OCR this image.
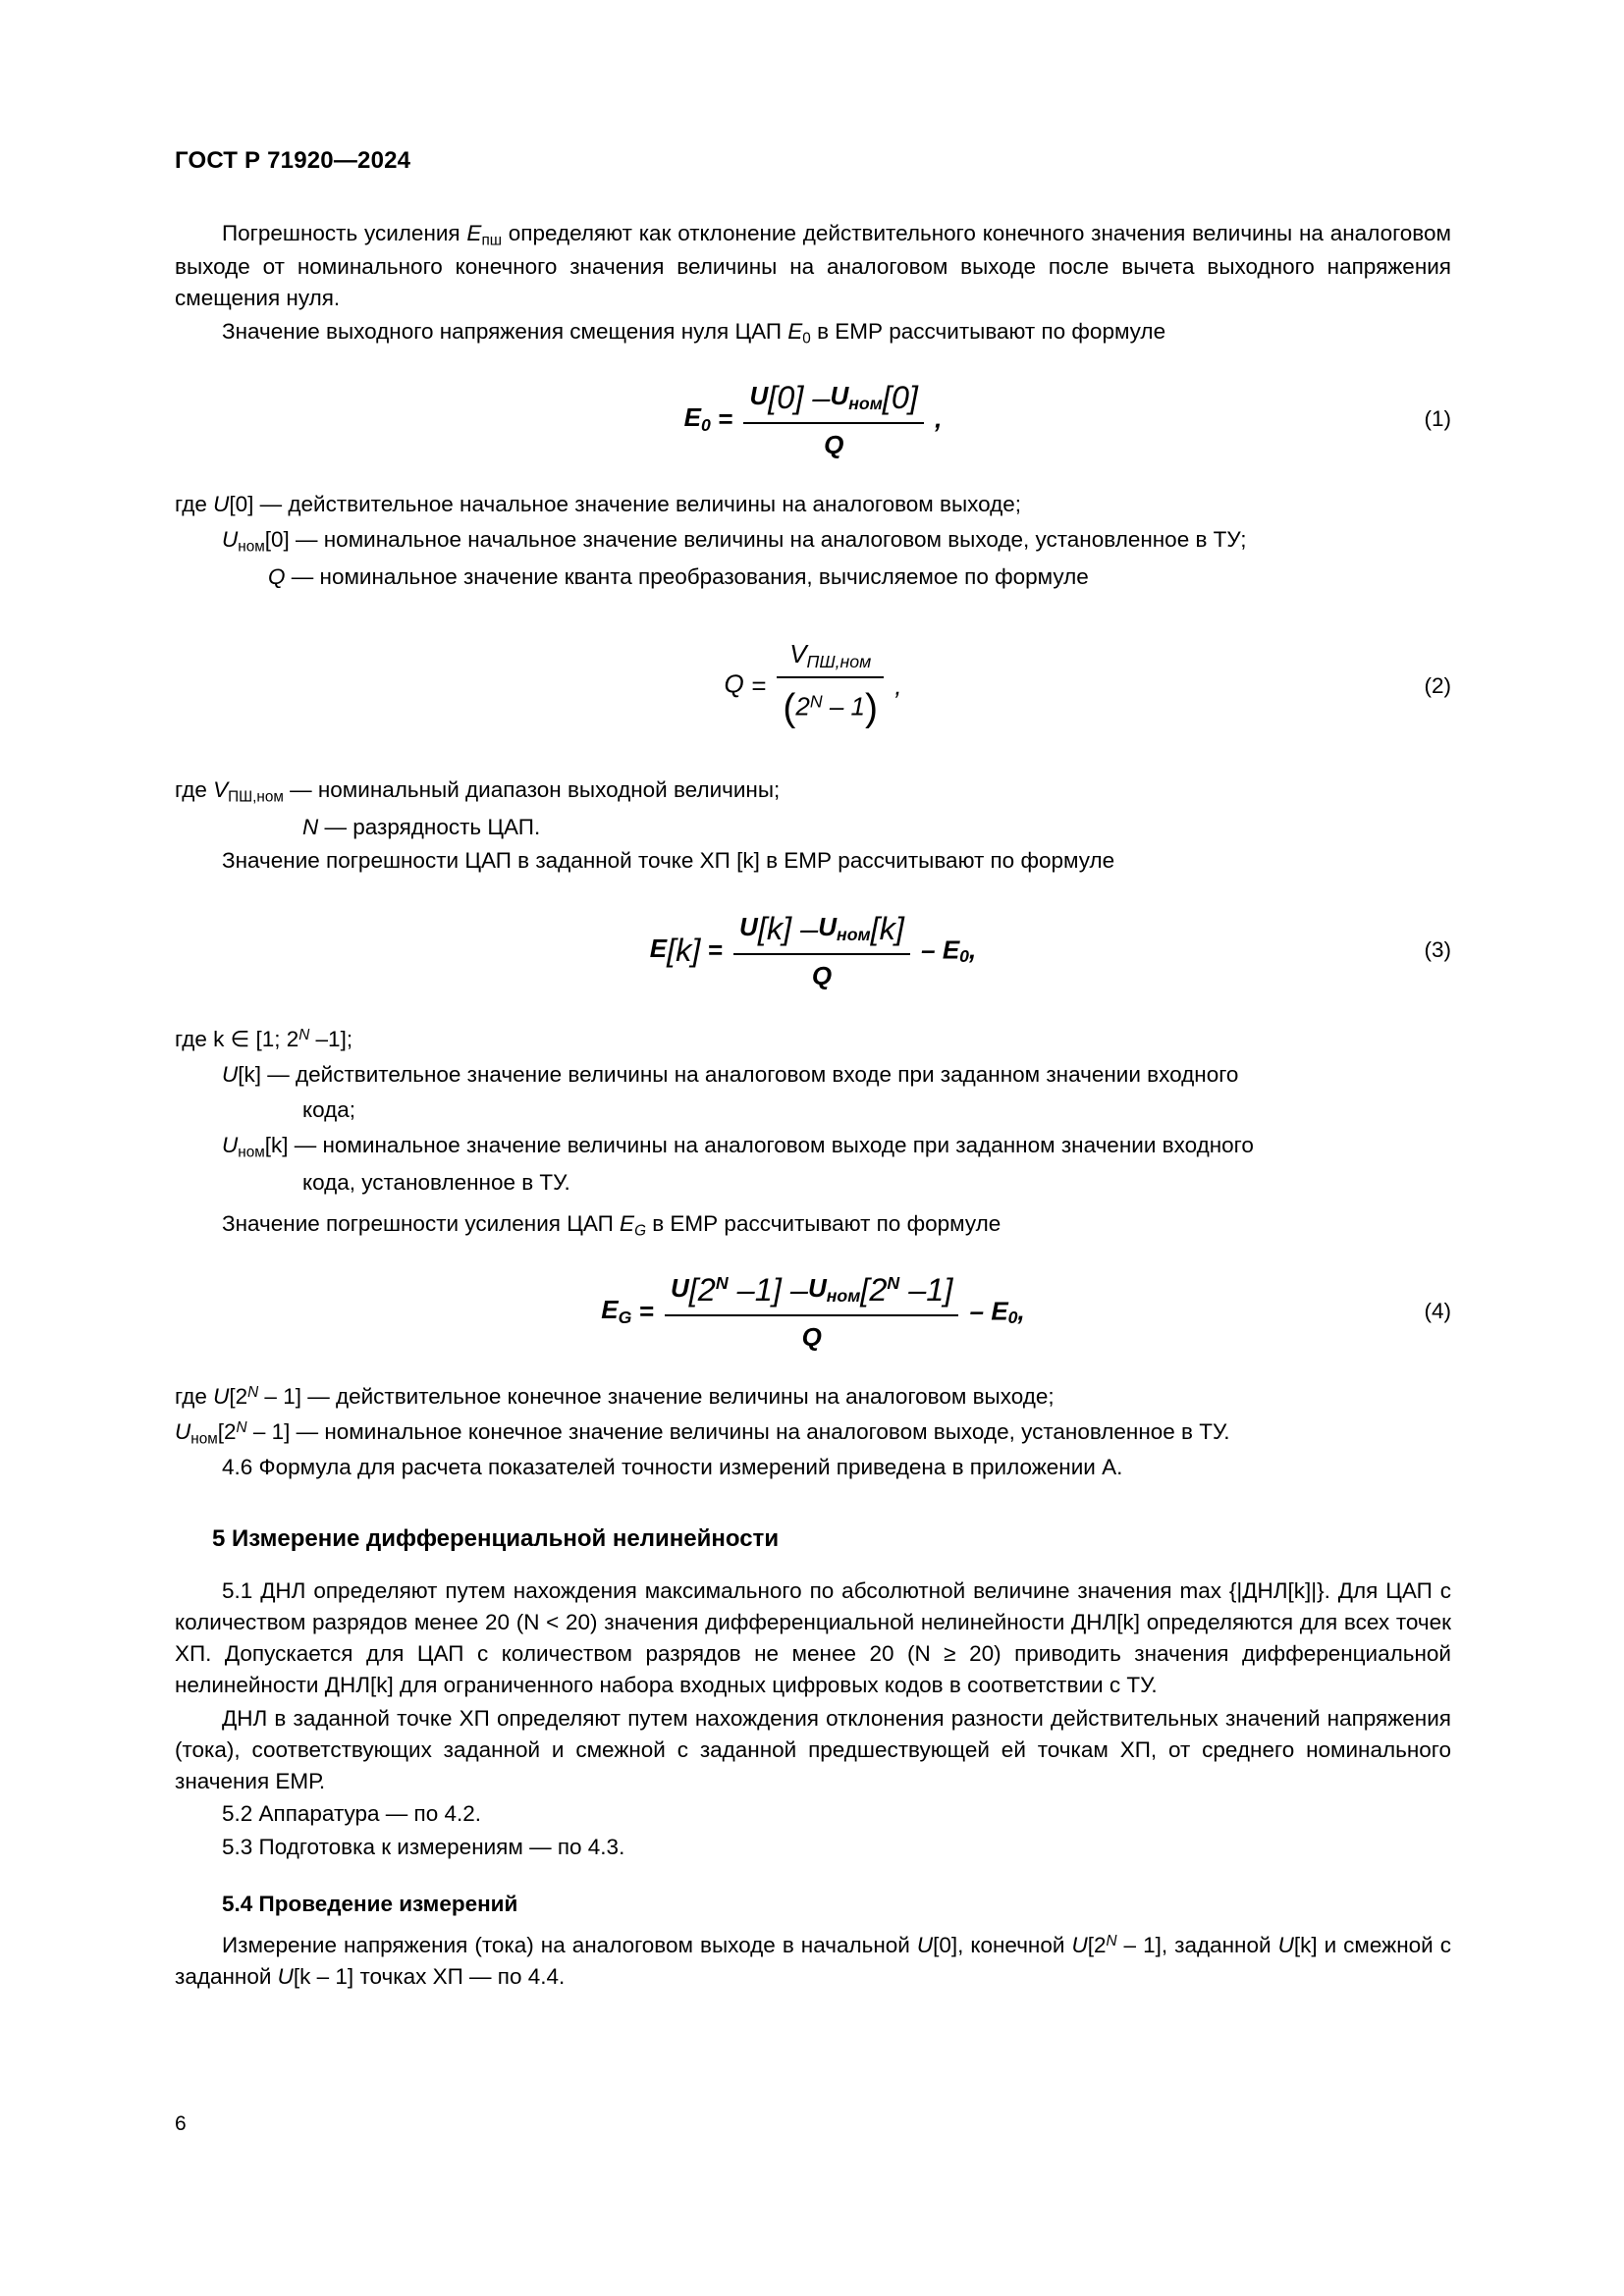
ГОСТ Р 71920—2024

Погрешность усиления $E_{пш}$ определяют как отклонение действительного конечного значения величины на аналоговом выходе от номинального конечного значения величины на аналоговом выходе после вычета выходного напряжения смещения нуля.

Значение выходного напряжения смещения нуля ЦАП $E_0$ в ЕМР рассчитывают по формуле

$E_0 = \frac{U[0] -U_{ном}[0]}{Q}$ ,	(1)

где U[0] — действительное начальное значение величины на аналоговом выходе;

$U_{ном}[0]$ — номинальное начальное значение величины на аналоговом выходе, установленное в ТУ;

Q — номинальное значение кванта преобразования, вычисляемое по формуле

$Q = \frac{V_{ПШ,ном}}{(2^N - 1)}$ ,	(2)

где $V_{ПШ,ном}$ — номинальный диапазон выходной величины;

N — разрядность ЦАП.

Значение погрешности ЦАП в заданной точке ХП [k] в ЕМР рассчитывают по формуле

$E[k] = \frac{U[k] -U_{ном}[k]}{Q} - E_0$,	(3)

где k ∈ [1; $2^N$ –1];

U[k] — действительное значение величины на аналоговом входе при заданном значении входного

кода;

$U_{ном}[k]$ — номинальное значение величины на аналоговом выходе при заданном значении входного

кода, установленное в ТУ.

Значение погрешности усиления ЦАП $E_G$ в ЕМР рассчитывают по формуле

$E_G = \frac{U[2^N -1] -U_{ном}[2^N -1]}{Q} - E_0$,	(4)

где $U[2^N - 1]$ — действительное конечное значение величины на аналоговом выходе;

$U_{ном}[2^N - 1]$ — номинальное конечное значение величины на аналоговом выходе, установленное в ТУ.

4.6 Формула для расчета показателей точности измерений приведена в приложении А.

5 Измерение дифференциальной нелинейности

5.1 ДНЛ определяют путем нахождения максимального по абсолютной величине значения max {|ДНЛ[k]|}. Для ЦАП с количеством разрядов менее 20 (N < 20) значения дифференциальной нелинейности ДНЛ[k] определяются для всех точек ХП. Допускается для ЦАП с количеством разрядов не менее 20 (N ≥ 20) приводить значения дифференциальной нелинейности ДНЛ[k] для ограниченного набора входных цифровых кодов в соответствии с ТУ.

ДНЛ в заданной точке ХП определяют путем нахождения отклонения разности действительных значений напряжения (тока), соответствующих заданной и смежной с заданной предшествующей ей точкам ХП, от среднего номинального значения ЕМР.

5.2 Аппаратура — по 4.2.

5.3 Подготовка к измерениям — по 4.3.

5.4 Проведение измерений

Измерение напряжения (тока) на аналоговом выходе в начальной U[0], конечной $U[2^N - 1]$, заданной U[k] и смежной с заданной U[k – 1] точках ХП — по 4.4.

6
